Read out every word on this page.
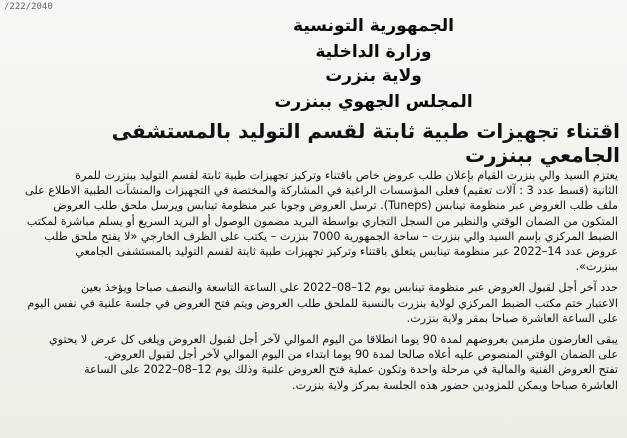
/222/2040
الجمهورية التونسية
وزارة الداخلية
ولاية بنزرت
المجلس الجهوي ببنزرت
اقتناء تجهيزات طبية ثابتة لقسم التوليد بالمستشفى الجامعي ببنزرت
يعتزم السيد والي بنزرت القيام بإعلان طلب عروض خاص باقتناء وتركيز تجهيزات طبية ثابتة لقسم التوليد ببنزرت للمرة
الثانية (قسط عدد 3 : آلات تعقيم) فعلى المؤسسات الراغبة في المشاركة والمختصة في التجهيزات والمنشآت الطبية الاطلاع على
ملف طلب العروض عبر منظومة تينابس (Tuneps). ترسل العروض وجوبا عبر منظومة تينابس ويرسل ملحق طلب العروض
المتكون من الضمان الوقتي والنظير من السجل التجاري بواسطة البريد مضمون الوصول أو البريد السريع أو يسلم مباشرة لمكتب
الضبط المركزي بإسم السيد والي بنزرت – ساحة الجمهورية 7000 بنزرت – يكتب على الظرف الخارجي «لا يفتح ملحق طلب
عروض عدد 14–2022 عبر منظومة تينابس يتعلق باقتناء وتركيز تجهيزات طبية ثابتة لقسم التوليد بالمستشفى الجامعي
ببنزرت».
حدد آخر أجل لقبول العروض عبر منظومة تينابس يوم 12–08–2022 على الساعة التاسعة والنصف صباحا ويؤخذ بعين
الاعتبار ختم مكتب الضبط المركزي لولاية بنزرت بالنسبة للملحق طلب العروض ويتم فتح العروض في جلسة علنية في نفس اليوم
على الساعة العاشرة صباحا بمقر ولاية بنزرت.
يبقى العارضون ملزمين بعروضهم لمدة 90 يوما انطلاقا من اليوم الموالي لآخر أجل لقبول العروض ويلغى كل عرض لا يحتوي
على الضمان الوقتي المنصوص عليه أعلاه صالحا لمدة 90 يوما ابتداء من اليوم الموالي لآخر أجل لقبول العروض.
تفتح العروض الفنية والمالية في مرحلة واحدة وتكون عملية فتح العروض علنية وذلك يوم 12–08–2022 على الساعة
العاشرة صباحا ويمكن للمزودين حضور هذه الجلسة بمركز ولاية بنزرت.
